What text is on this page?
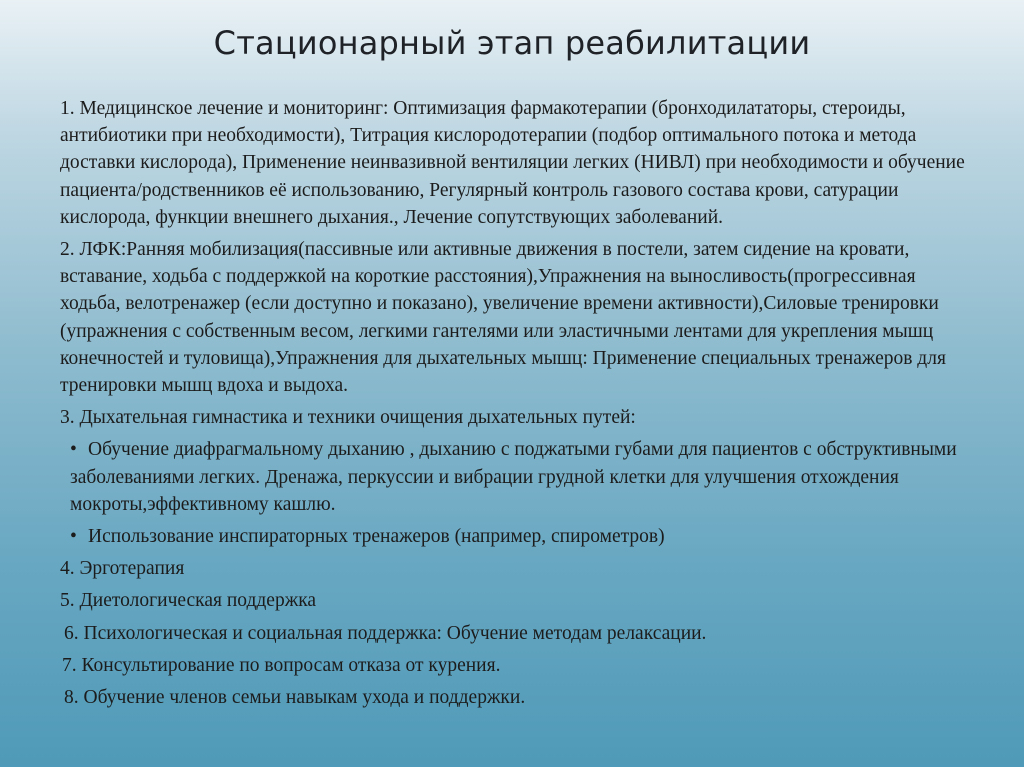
Стационарный этап реабилитации

1. Медицинское лечение и мониторинг: Оптимизация фармакотерапии (бронходилататоры, стероиды, антибиотики при необходимости), Титрация кислородотерапии (подбор оптимального потока и метода доставки кислорода), Применение неинвазивной вентиляции легких (НИВЛ) при необходимости и обучение пациента/родственников её использованию, Регулярный контроль газового состава крови, сатурации кислорода, функции внешнего дыхания., Лечение сопутствующих заболеваний.

2. ЛФК:Ранняя мобилизация(пассивные или активные движения в постели, затем сидение на кровати, вставание, ходьба с поддержкой на короткие расстояния),Упражнения на выносливость(прогрессивная ходьба, велотренажер (если доступно и показано), увеличение времени активности),Силовые тренировки (упражнения с собственным весом, легкими гантелями или эластичными лентами для укрепления мышц конечностей и туловища),Упражнения для дыхательных мышц: Применение специальных тренажеров для тренировки мышц вдоха и выдоха.

3. Дыхательная гимнастика и техники очищения дыхательных путей:

• Обучение диафрагмальному дыханию , дыханию с поджатыми губами для пациентов с обструктивными заболеваниями легких. Дренажа, перкуссии и вибрации грудной клетки для улучшения отхождения мокроты,эффективному кашлю.

• Использование инспираторных тренажеров (например, спирометров)

4. Эрготерапия

5. Диетологическая поддержка

6. Психологическая и социальная поддержка: Обучение методам релаксации.

7. Консультирование по вопросам отказа от курения.

8. Обучение членов семьи навыкам ухода и поддержки.
